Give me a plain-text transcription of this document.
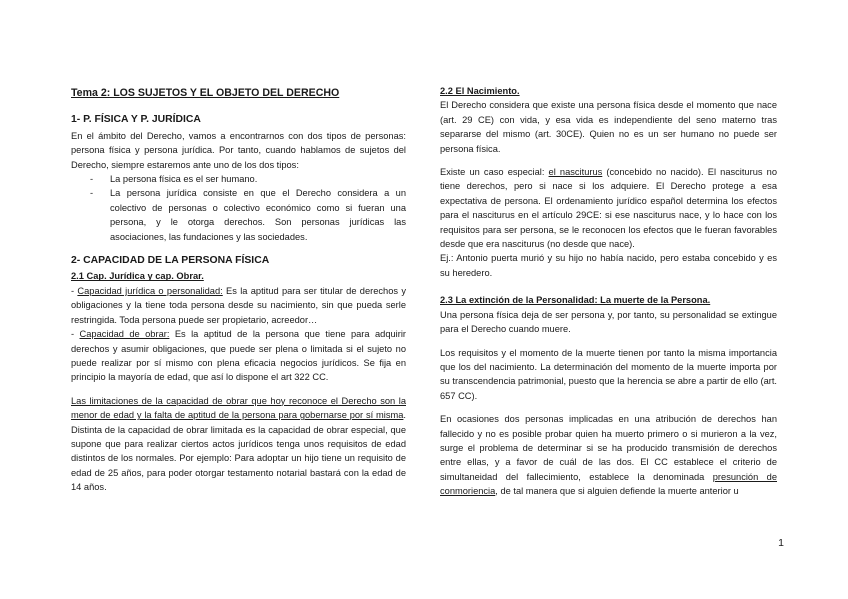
Tema 2: LOS SUJETOS Y EL OBJETO DEL DERECHO

1- P. FÍSICA Y P. JURÍDICA

En el ámbito del Derecho, vamos a encontrarnos con dos tipos de personas: persona física y persona jurídica. Por tanto, cuando hablamos de sujetos del Derecho, siempre estaremos ante uno de los dos tipos:

- La persona física es el ser humano.
- La persona jurídica consiste en que el Derecho considera a un colectivo de personas o colectivo económico como si fueran una persona, y le otorga derechos. Son personas jurídicas las asociaciones, las fundaciones y las sociedades.

2- CAPACIDAD DE LA PERSONA FÍSICA

2.1 Cap. Jurídica y cap. Obrar.

- Capacidad jurídica o personalidad: Es la aptitud para ser titular de derechos y obligaciones y la tiene toda persona desde su nacimiento, sin que pueda serle restringida. Toda persona puede ser propietario, acreedor…

- Capacidad de obrar: Es la aptitud de la persona que tiene para adquirir derechos y asumir obligaciones, que puede ser plena o limitada si el sujeto no puede realizar por sí mismo con plena eficacia negocios jurídicos. Se fija en principio la mayoría de edad, que así lo dispone el art 322 CC.

Las limitaciones de la capacidad de obrar que hoy reconoce el Derecho son la menor de edad y la falta de aptitud de la persona para gobernarse por sí misma. Distinta de la capacidad de obrar limitada es la capacidad de obrar especial, que supone que para realizar ciertos actos jurídicos tenga unos requisitos de edad distintos de los normales. Por ejemplo: Para adoptar un hijo tiene un requisito de edad de 25 años, para poder otorgar testamento notarial bastará con la edad de 14 años.

2.2 El Nacimiento.

El Derecho considera que existe una persona física desde el momento que nace (art. 29 CE) con vida, y esa vida es independiente del seno materno tras separarse del mismo (art. 30CE). Quien no es un ser humano no puede ser persona física.

Existe un caso especial: el nasciturus (concebido no nacido). El nasciturus no tiene derechos, pero si nace si los adquiere. El Derecho protege a esa expectativa de persona. El ordenamiento jurídico español determina los efectos para el nasciturus en el artículo 29CE: si ese nasciturus nace, y lo hace con los requisitos para ser persona, se le reconocen los efectos que le fueran favorables desde que era nasciturus (no desde que nace).

Ej.: Antonio puerta murió y su hijo no había nacido, pero estaba concebido y es su heredero.

2.3 La extinción de la Personalidad: La muerte de la Persona.

Una persona física deja de ser persona y, por tanto, su personalidad se extingue para el Derecho cuando muere.

Los requisitos y el momento de la muerte tienen por tanto la misma importancia que los del nacimiento. La determinación del momento de la muerte importa por su transcendencia patrimonial, puesto que la herencia se abre a partir de ello (art. 657 CC).

En ocasiones dos personas implicadas en una atribución de derechos han fallecido y no es posible probar quien ha muerto primero o si murieron a la vez, surge el problema de determinar si se ha producido transmisión de derechos entre ellas, y a favor de cuál de las dos. El CC establece el criterio de simultaneidad del fallecimiento, establece la denominada presunción de conmoriencia, de tal manera que si alguien defiende la muerte anterior u

1
